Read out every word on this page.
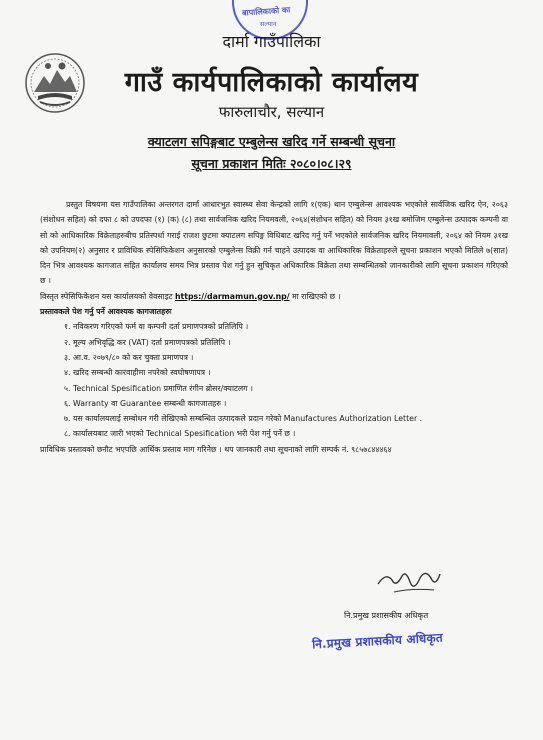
बापालिकाको का
सल्यान
दार्मा गाउँपालिका
गाउँ कार्यपालिकाको कार्यालय
फारुलाचौर, सल्यान
क्याटलग सपिङ्गबाट एम्बुलेन्स खरिद गर्ने सम्बन्धी सूचना
सूचना प्रकाशन मितिः २०८०।०८।२९

प्रस्तुत विषयमा यस गाउँपालिका अन्तरगत दार्मा आधारभुत स्वास्थ्य सेवा केन्द्रको लागि १(एक) थान एम्बुलेन्स आवश्यक भएकोले सार्वजिक खरिद ऐन, २०६३ (संशोधन सहित) को दफा ८ को उपदफा (१) (क) (८) तथा सार्वजनिक खरिद नियमवली, २०६४(संशोधन सहित) को नियम ३१ख बमोजिम एम्बुलेन्स उत्पादक कम्पनी वा सो को आधिकारिक विक्रेताहरुबीच प्रतिस्पर्धा गराई राजश छुटमा क्याटलग सपिङ्ग विधिबाट खरिद गर्नु पर्ने भएकोले सार्वजनिक खरिद नियमावली, २०६४ को नियम ३१ख को उपनियम(२) अनुसार र प्राविधिक स्पेसिफिकेशन अनुसारको एम्बुलेन्स विक्री गर्न चाहने उत्पादक वा आधिकारिक विक्रेताहरुले सूचना प्रकाशन भएको मितिले ७(सात) दिन भित्र आवश्यक कागजात सहित कार्यालय समय भित्र प्रस्ताव पेश गर्नु हुन सुचिकृत अधिकारिक विक्रेता तथा सम्बन्धितको जानकारीको लागि सूचना प्रकाशन गरिएको छ ।

विस्तृत स्पेसिफिकेशन यस कार्यालयको वेवसाइट https://darmamun.gov.np/ मा राखिएको छ ।

प्रस्तावकले पेश गर्नु पर्ने आवश्यक कागजातहरुः

१. नविकरण गरिएको फर्म वा कम्पनी दर्ता प्रमाणपत्रको प्रतिलिपि ।

२. मूल्य अभिवृद्धि कर (VAT) दर्ता प्रमाणपत्रको प्रतिलिपि ।

३. आ.व. २०७९/८० को कर चुक्ता प्रमाणपत्र ।

४. खरिद सम्बन्धी कारवाहीमा नपरेको स्वघोषणापत्र ।

५. Technical Spesification प्रमाणित रंगीन ब्रोसर/क्याटलग ।

६. Warranty वा Guarantee सम्बन्धी कागजातहरु ।

७. यस कार्यालयलाई सम्बोधन गरी लेखिएको सम्बन्धित उत्पादकले प्रदान गरेको Manufactures Authorization Letter .

८. कार्यालयबाट जारी भएको Technical Spesification भरी पेश गर्नु पर्ने छ ।

प्राविधिक प्रस्तावको छनौट भएपछि आर्थिक प्रस्ताव माग गरिनेछ । थप जानकारी तथा सूचनाको लागि सम्पर्क नं. ९८५७८४४४६४

नि.प्रमुख प्रशासकीय अधिकृत
नि.प्रमुख प्रशासकीय अधिकृत
